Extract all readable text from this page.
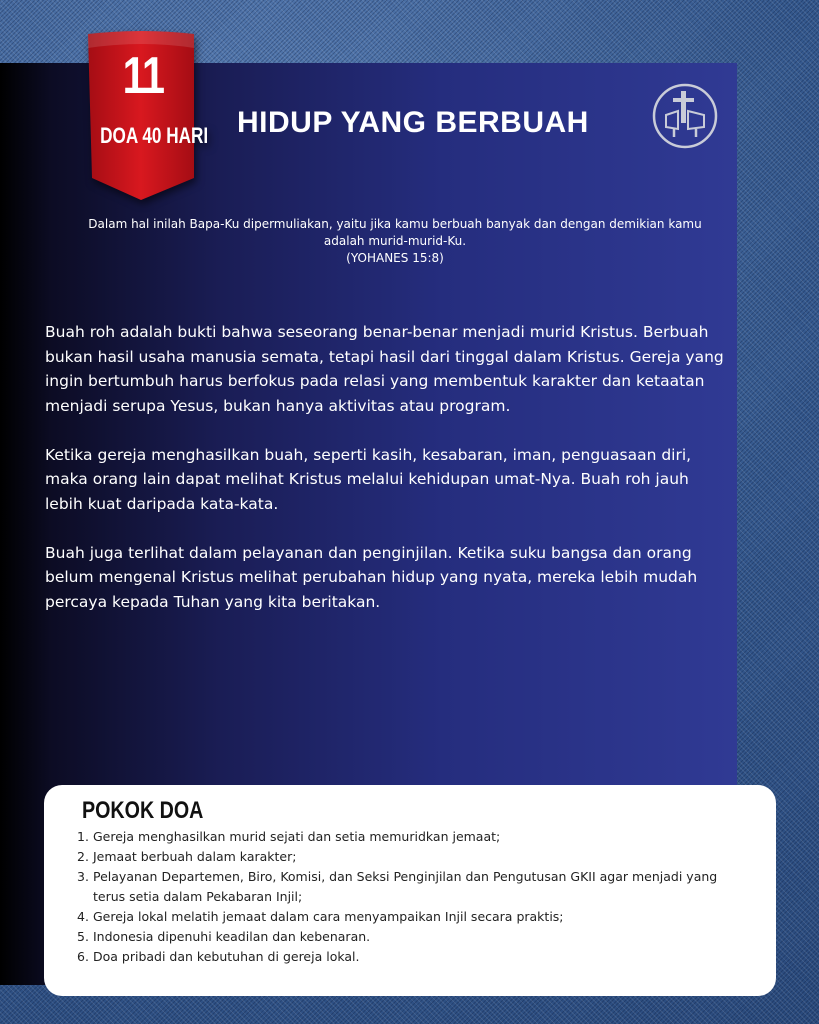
11
DOA 40 HARI HIDUP YANG BERBUAH
Dalam hal inilah Bapa-Ku dipermuliakan, yaitu jika kamu berbuah banyak dan dengan demikian kamu
adalah murid-murid-Ku.
(YOHANES 15:8)

Buah roh adalah bukti bahwa seseorang benar-benar menjadi murid Kristus. Berbuah bukan hasil usaha manusia semata, tetapi hasil dari tinggal dalam Kristus. Gereja yang ingin bertumbuh harus berfokus pada relasi yang membentuk karakter dan ketaatan menjadi serupa Yesus, bukan hanya aktivitas atau program.

Ketika gereja menghasilkan buah, seperti kasih, kesabaran, iman, penguasaan diri, maka orang lain dapat melihat Kristus melalui kehidupan umat-Nya. Buah roh jauh lebih kuat daripada kata-kata.

Buah juga terlihat dalam pelayanan dan penginjilan. Ketika suku bangsa dan orang belum mengenal Kristus melihat perubahan hidup yang nyata, mereka lebih mudah percaya kepada Tuhan yang kita beritakan.

POKOK DOA
1. Gereja menghasilkan murid sejati dan setia memuridkan jemaat;
2. Jemaat berbuah dalam karakter;
3. Pelayanan Departemen, Biro, Komisi, dan Seksi Penginjilan dan Pengutusan GKII agar menjadi yang terus setia dalam Pekabaran Injil;
4. Gereja lokal melatih jemaat dalam cara menyampaikan Injil secara praktis;
5. Indonesia dipenuhi keadilan dan kebenaran.
6. Doa pribadi dan kebutuhan di gereja lokal.
